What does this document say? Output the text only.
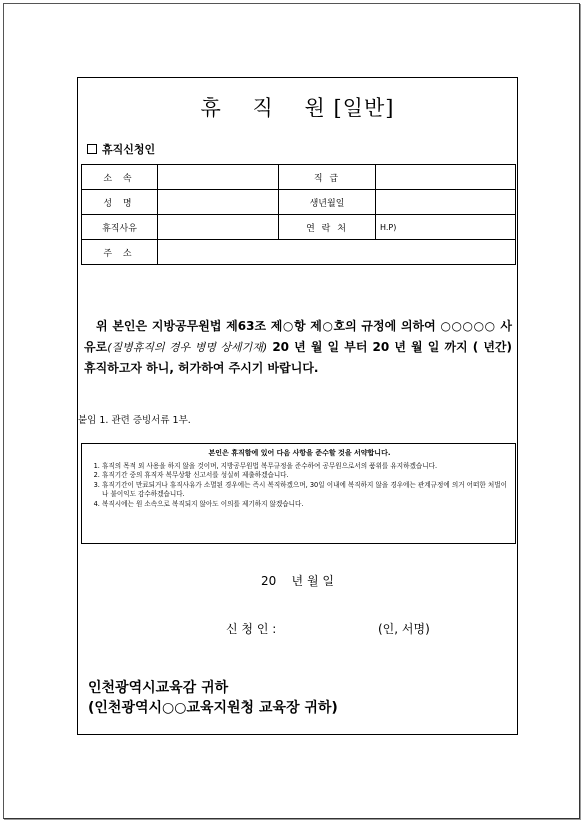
휴    직    원 [일반]
휴직신청인
소 속		직 급	
성 명		생년월일	
휴직사유		연 락 처	H.P)
주 소			
위 본인은 지방공무원법 제63조 제○항 제○호의 규정에 의하여 ○○○○○ 사유로(질병휴직의 경우 병명 상세기재) 20 년 월 일 부터 20 년 월 일 까지 ( 년간) 휴직하고자 하니, 허가하여 주시기 바랍니다.
붙임 1. 관련 증빙서류 1부.
본인은 휴직함에 있어 다음 사항을 준수할 것을 서약합니다.
1. 휴직의 목적 외 사용을 하지 않을 것이며, 지방공무원법 복무규정을 준수하여 공무원으로서의 품위를 유지하겠습니다.
2. 휴직기간 중의 휴직자 복무상황 신고서를 성실히 제출하겠습니다.
3. 휴직기간이 만료되거나 휴직사유가 소멸된 경우에는 즉시 복직하겠으며, 30일 이내에 복직하지 않을 경우에는 관계규정에 의거 어떠한 처벌이나 불이익도 감수하겠습니다.
4. 복직시에는 원 소속으로 복직되지 않아도 이의를 제기하지 않겠습니다.
20    년 월 일
신 청 인 :	(인, 서명)
인천광역시교육감 귀하
(인천광역시○○교육지원청 교육장 귀하)
